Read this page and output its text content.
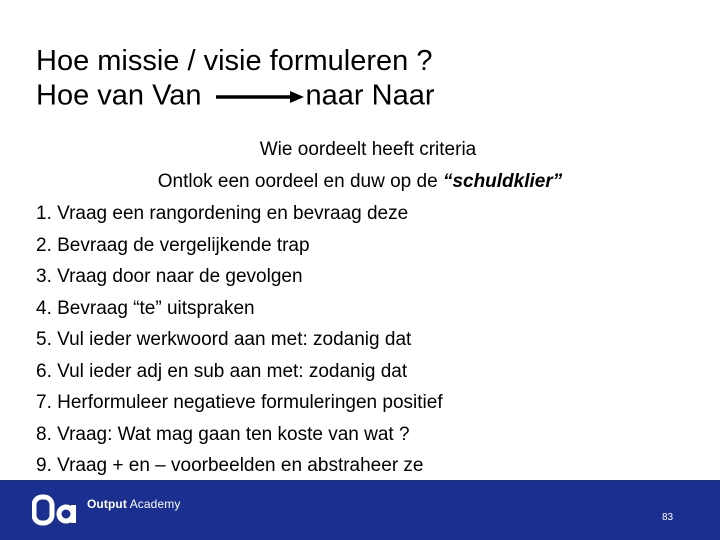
Hoe missie / visie formuleren ?
Hoe van Van	naar Naar
Wie oordeelt heeft criteria
Ontlok een oordeel en duw op de “schuldklier”
1. Vraag een rangordening en bevraag deze
2. Bevraag de vergelijkende trap
3. Vraag door naar de gevolgen
4. Bevraag “te” uitspraken
5. Vul ieder werkwoord aan met: zodanig dat
6. Vul ieder adj en sub aan met: zodanig dat
7. Herformuleer negatieve formuleringen positief
8. Vraag: Wat mag gaan ten koste van wat ?
9. Vraag + en – voorbeelden en abstraheer ze
Output Academy
83
